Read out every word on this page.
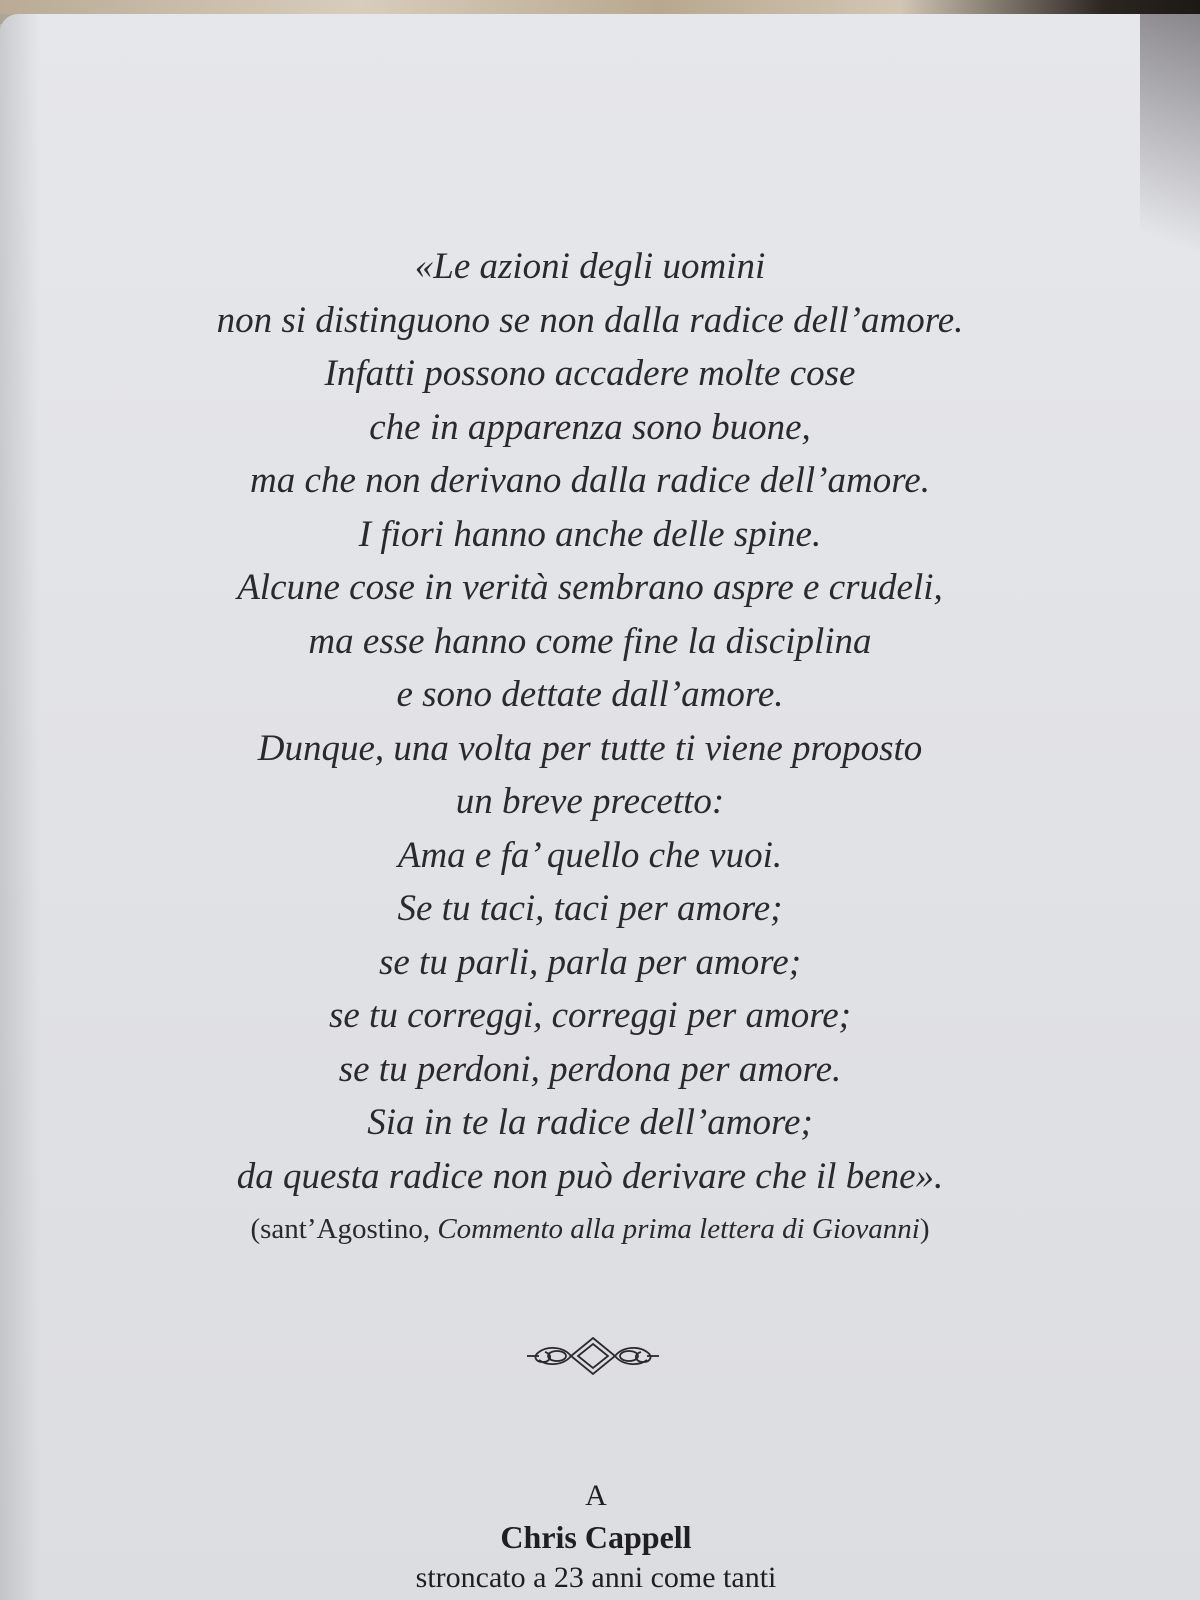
«Le azioni degli uomini
non si distinguono se non dalla radice dell’amore.
Infatti possono accadere molte cose
che in apparenza sono buone,
ma che non derivano dalla radice dell’amore.
I fiori hanno anche delle spine.
Alcune cose in verità sembrano aspre e crudeli,
ma esse hanno come fine la disciplina
e sono dettate dall’amore.
Dunque, una volta per tutte ti viene proposto
un breve precetto:
Ama e fa’ quello che vuoi.
Se tu taci, taci per amore;
se tu parli, parla per amore;
se tu correggi, correggi per amore;
se tu perdoni, perdona per amore.
Sia in te la radice dell’amore;
da questa radice non può derivare che il bene».
(sant’Agostino, Commento alla prima lettera di Giovanni)
A
Chris Cappell
stroncato a 23 anni come tanti
